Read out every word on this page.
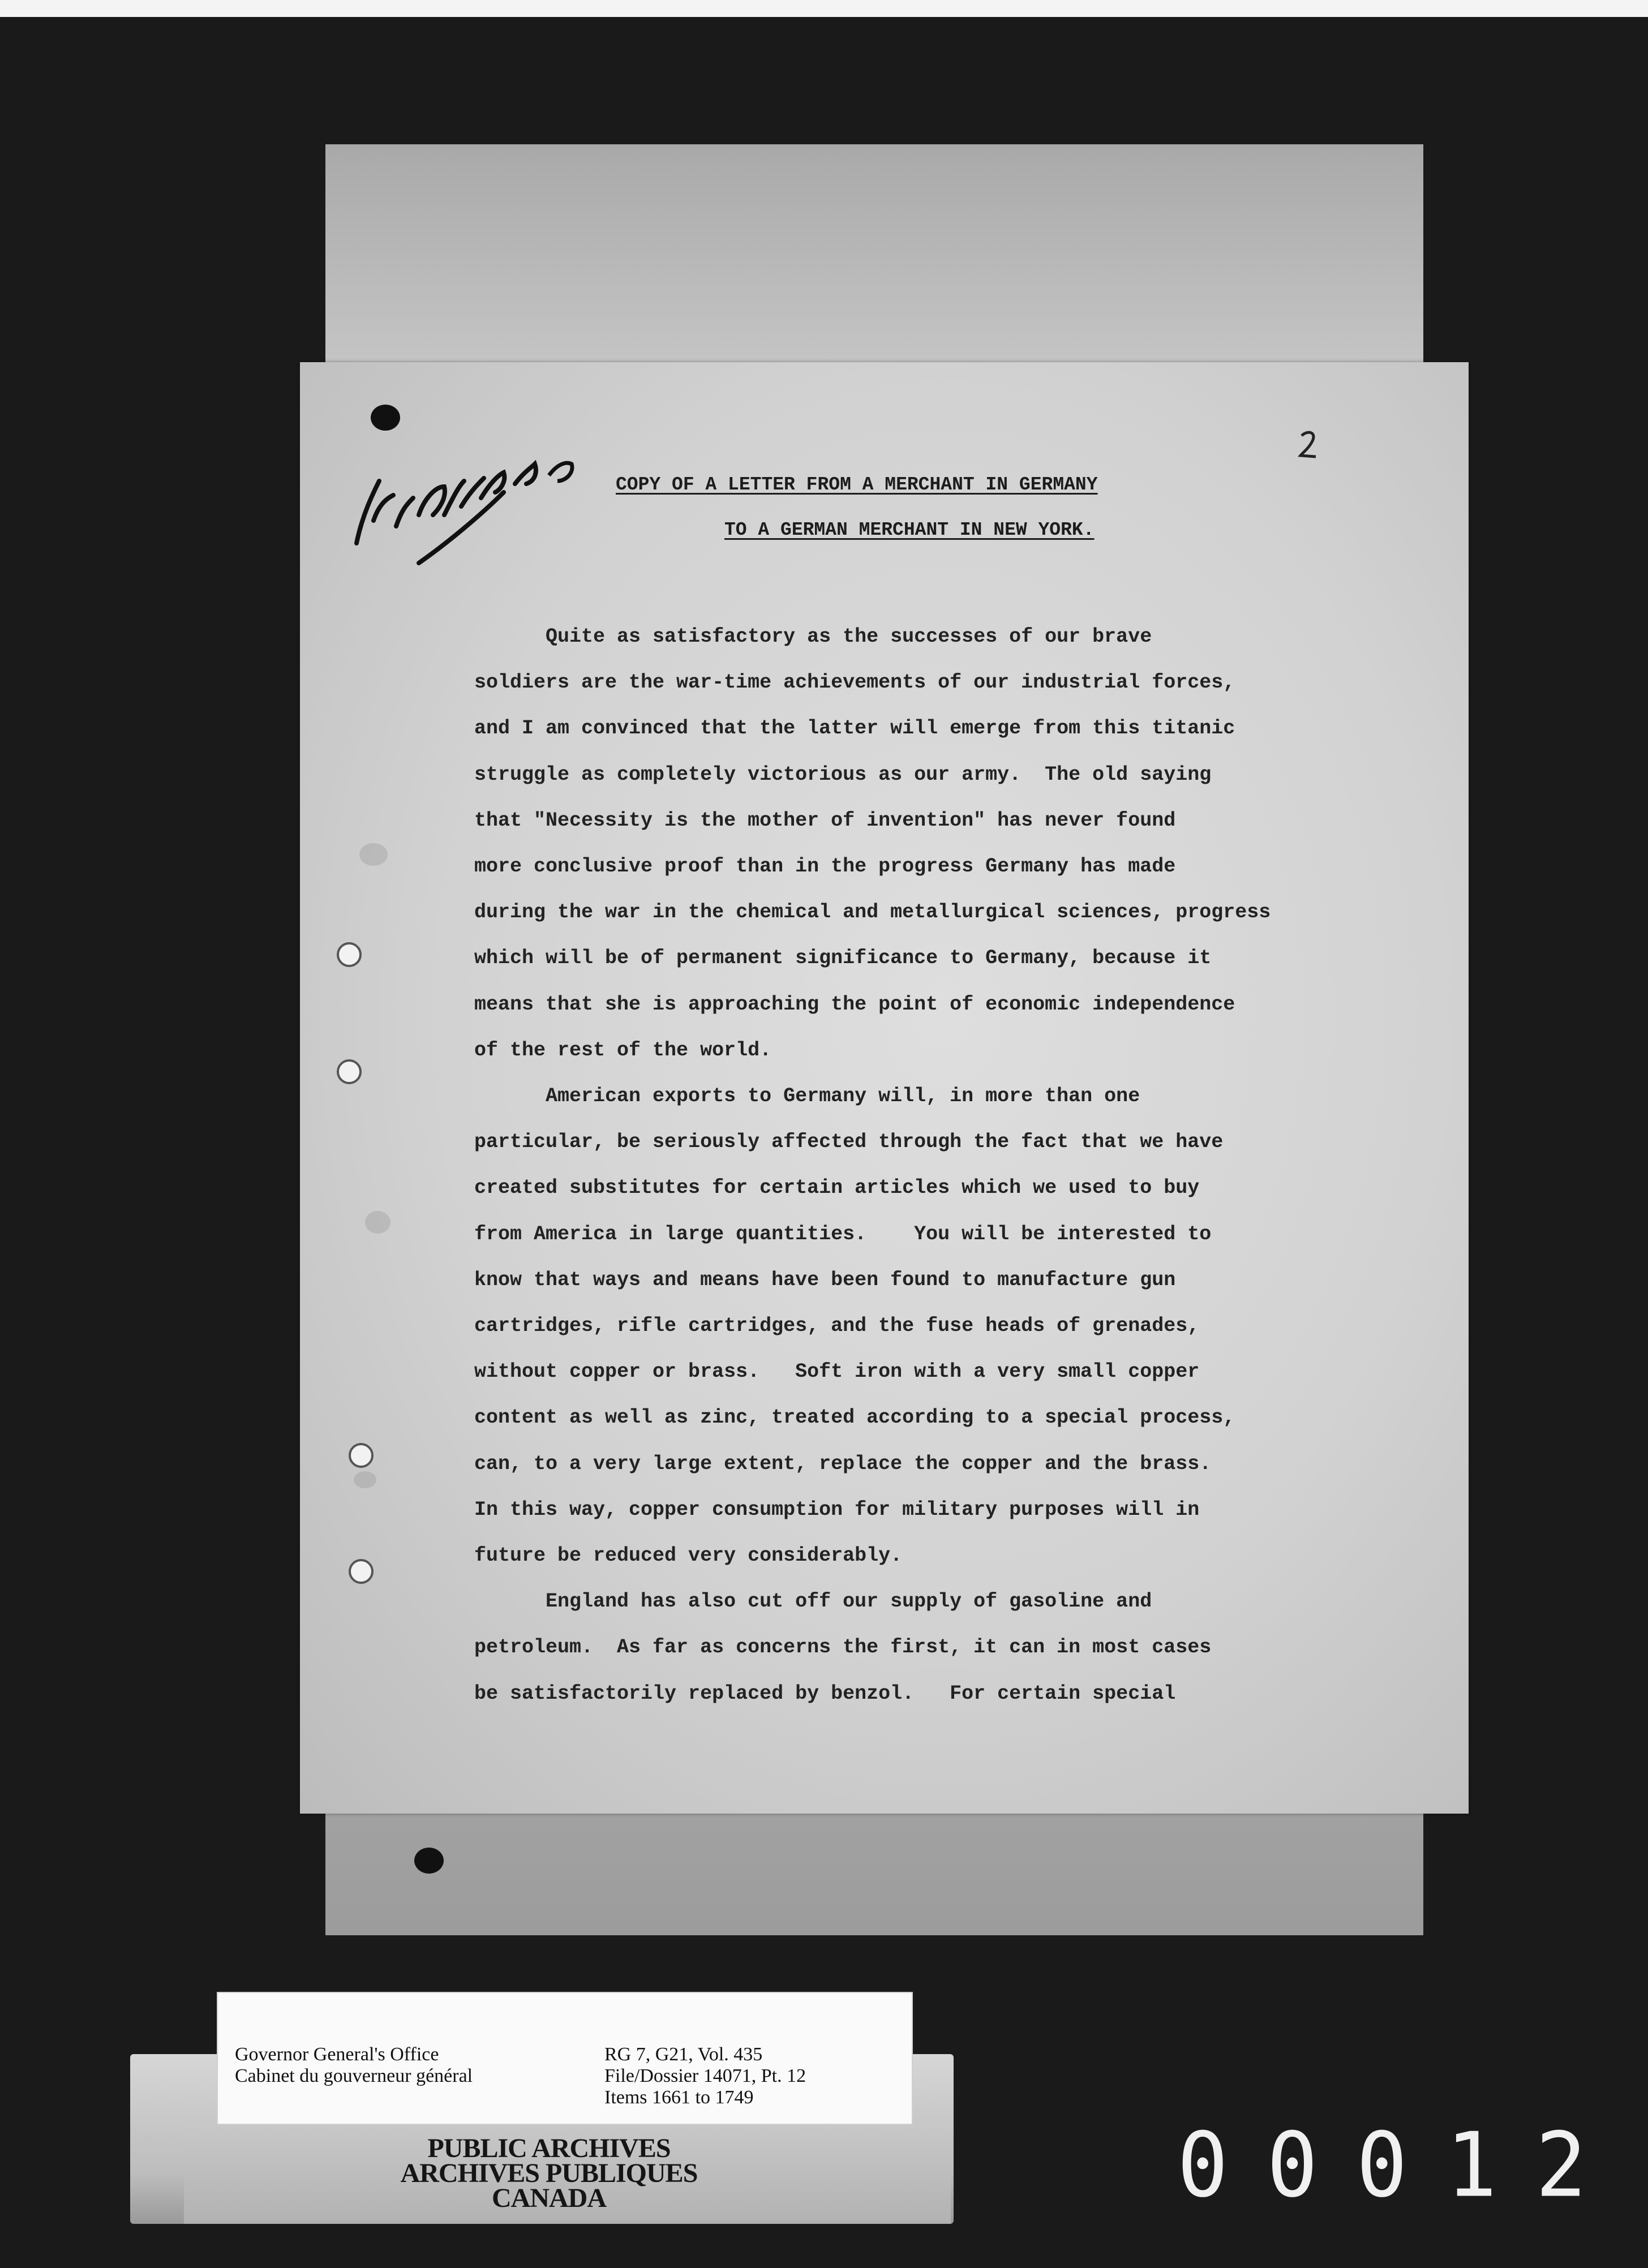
COPY OF A LETTER FROM A MERCHANT IN GERMANY
TO A GERMAN MERCHANT IN NEW YORK.

Quite as satisfactory as the successes of our brave

soldiers are the war-time achievements of our industrial forces,

and I am convinced that the latter will emerge from this titanic

struggle as completely victorious as our army.  The old saying

that "Necessity is the mother of invention" has never found

more conclusive proof than in the progress Germany has made

during the war in the chemical and metallurgical sciences, progress

which will be of permanent significance to Germany, because it

means that she is approaching the point of economic independence

of the rest of the world.

American exports to Germany will, in more than one

particular, be seriously affected through the fact that we have

created substitutes for certain articles which we used to buy

from America in large quantities.    You will be interested to

know that ways and means have been found to manufacture gun

cartridges, rifle cartridges, and the fuse heads of grenades,

without copper or brass.   Soft iron with a very small copper

content as well as zinc, treated according to a special process,

can, to a very large extent, replace the copper and the brass.

In this way, copper consumption for military purposes will in

future be reduced very considerably.

England has also cut off our supply of gasoline and

petroleum.  As far as concerns the first, it can in most cases

be satisfactorily replaced by benzol.   For certain special

Governor General's Office
Cabinet du gouverneur général
RG 7, G21, Vol. 435
File/Dossier 14071, Pt. 12
Items 1661 to 1749
PUBLIC ARCHIVES
ARCHIVES PUBLIQUES
CANADA	00012
